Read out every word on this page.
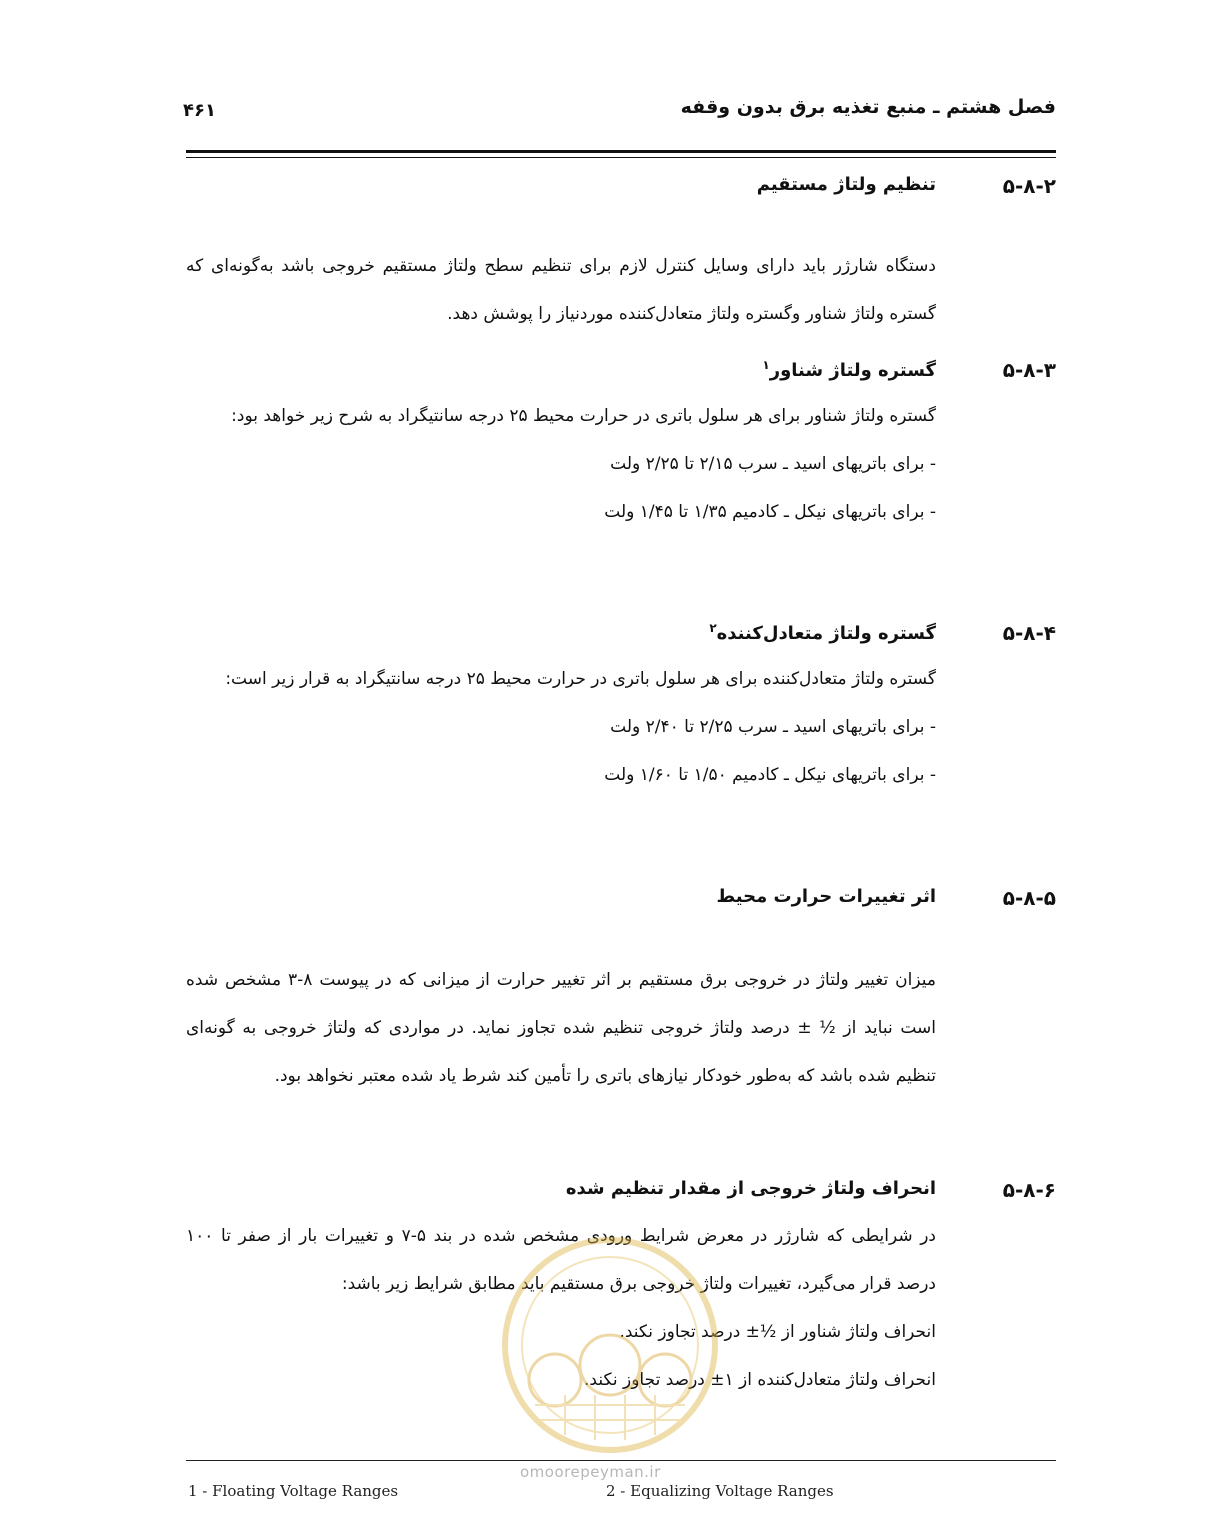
فصل هشتم ـ منبع تغذیه برق بدون وقفه
۴۶۱
۵-۸-۲
تنظیم ولتاژ مستقیم

دستگاه شارژر باید دارای وسایل کنترل لازم برای تنظیم سطح ولتاژ مستقیم خروجی باشد به‌گونه‌ای که گستره ولتاژ شناور وگستره ولتاژ متعادل‌کننده موردنیاز را پوشش دهد.

۵-۸-۳
گستره ولتاژ شناور$^۱$

گستره ولتاژ شناور برای هر سلول باتری در حرارت محیط ۲۵ درجه سانتیگراد به شرح زیر خواهد بود:

- برای باتریهای اسید ـ سرب ۲/۱۵ تا ۲/۲۵ ولت

- برای باتریهای نیکل ـ کادمیم ۱/۳۵ تا ۱/۴۵ ولت

۵-۸-۴
گستره ولتاژ متعادل‌کننده$^۲$

گستره ولتاژ متعادل‌کننده برای هر سلول باتری در حرارت محیط ۲۵ درجه سانتیگراد به قرار زیر است:

- برای باتریهای اسید ـ سرب ۲/۲۵ تا ۲/۴۰ ولت

- برای باتریهای نیکل ـ کادمیم ۱/۵۰ تا ۱/۶۰ ولت

۵-۸-۵
اثر تغییرات حرارت محیط

میزان تغییر ولتاژ در خروجی برق مستقیم بر اثر تغییر حرارت از میزانی که در پیوست ۸-۳ مشخص شده است نباید از ½ ± درصد ولتاژ خروجی تنظیم شده تجاوز نماید. در مواردی که ولتاژ خروجی به گونه‌ای تنظیم شده باشد که به‌طور خودکار نیازهای باتری را تأمین کند شرط یاد شده معتبر نخواهد بود.

۵-۸-۶
انحراف ولتاژ خروجی از مقدار تنظیم شده

در شرایطی که شارژر در معرض شرایط ورودی مشخص شده در بند ۵-۷ و تغییرات بار از صفر تا ۱۰۰ درصد قرار می‌گیرد، تغییرات ولتاژ خروجی برق مستقیم باید مطابق شرایط زیر باشد:

انحراف ولتاژ شناور از ½± درصد تجاوز نکند.

انحراف ولتاژ متعادل‌کننده از ۱± درصد تجاوز نکند.

omoorepeyman.ir
1 - Floating Voltage Ranges	2 - Equalizing Voltage Ranges
